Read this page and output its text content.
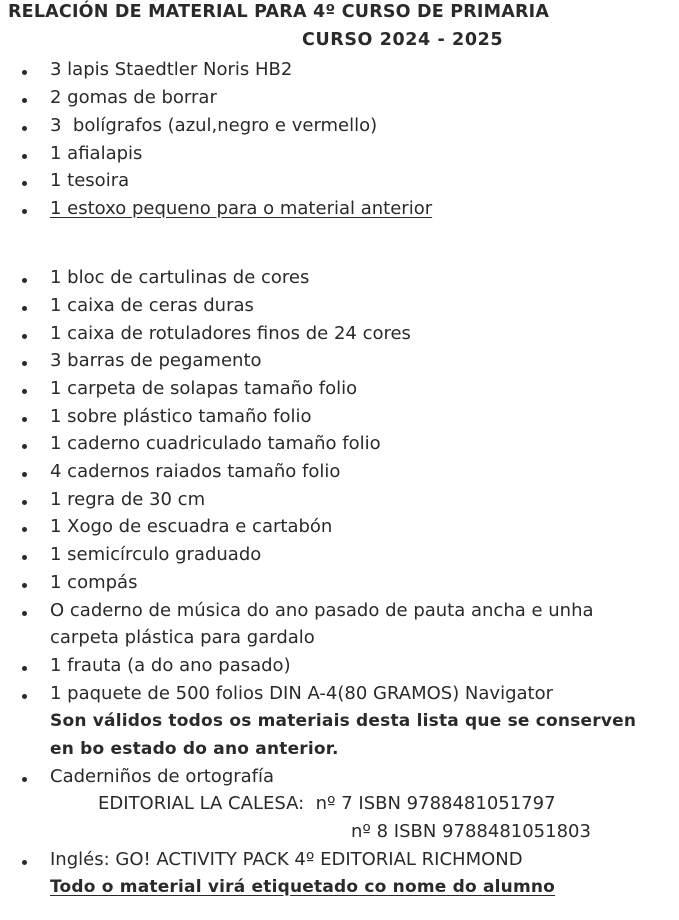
RELACIÓN DE MATERIAL PARA 4º CURSO DE PRIMARIA
CURSO 2024 - 2025
3 lapis Staedtler Noris HB2
2 gomas de borrar
3  bolígrafos (azul,negro e vermello)
1 afialapis
1 tesoira
1 estoxo pequeno para o material anterior
1 bloc de cartulinas de cores
1 caixa de ceras duras
1 caixa de rotuladores finos de 24 cores
3 barras de pegamento
1 carpeta de solapas tamaño folio
1 sobre plástico tamaño folio
1 caderno cuadriculado tamaño folio
4 cadernos raiados tamaño folio
1 regra de 30 cm
1 Xogo de escuadra e cartabón
1 semicírculo graduado
1 compás
O caderno de música do ano pasado de pauta ancha e unha
carpeta plástica para gardalo
1 frauta (a do ano pasado)
1 paquete de 500 folios DIN A-4(80 GRAMOS) Navigator
Son válidos todos os materiais desta lista que se conserven
en bo estado do ano anterior.
Caderniños de ortografía
EDITORIAL LA CALESA:  nº 7 ISBN 9788481051797
nº 8 ISBN 9788481051803
Inglés: GO! ACTIVITY PACK 4º EDITORIAL RICHMOND
Todo o material virá etiquetado co nome do alumno
